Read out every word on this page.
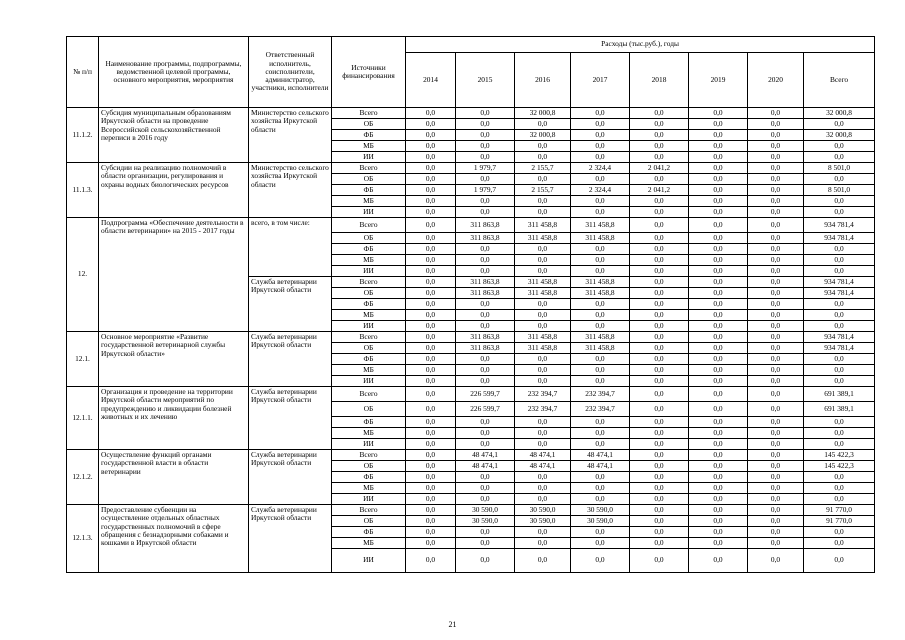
№ п/п	Наименование программы, подпрограммы, ведомственной целевой программы, основного мероприятия, мероприятия	Ответственный исполнитель, соисполнители, администратор, участники, исполнители	Источники финансирования	Расходы (тыс.руб.), годы							
				2014	2015	2016	2017	2018	2019	2020	Всего
11.1.2.	Субсидия муниципальным образованиям Иркутской области на проведение Всероссийской сельскохозяйственной переписи в 2016 году	Министерство сельского хозяйства Иркутской области	Всего	0,0	0,0	32 000,8	0,0	0,0	0,0	0,0	32 000,8
			ОБ	0,0	0,0	0,0	0,0	0,0	0,0	0,0	0,0
			ФБ	0,0	0,0	32 000,8	0,0	0,0	0,0	0,0	32 000,8
			МБ	0,0	0,0	0,0	0,0	0,0	0,0	0,0	0,0
			ИИ	0,0	0,0	0,0	0,0	0,0	0,0	0,0	0,0
11.1.3.	Субсидии на реализацию полномочий в области организации, регулирования и охраны водных биологических ресурсов	Министерство сельского хозяйства Иркутской области	Всего	0,0	1 979,7	2 155,7	2 324,4	2 041,2	0,0	0,0	8 501,0
			ОБ	0,0	0,0	0,0	0,0	0,0	0,0	0,0	0,0
			ФБ	0,0	1 979,7	2 155,7	2 324,4	2 041,2	0,0	0,0	8 501,0
			МБ	0,0	0,0	0,0	0,0	0,0	0,0	0,0	0,0
			ИИ	0,0	0,0	0,0	0,0	0,0	0,0	0,0	0,0
12.	Подпрограмма «Обеспечение деятельности в области ветеринарии» на 2015 - 2017 годы	всего, в том числе:	Всего	0,0	311 863,8	311 458,8	311 458,8	0,0	0,0	0,0	934 781,4
			ОБ	0,0	311 863,8	311 458,8	311 458,8	0,0	0,0	0,0	934 781,4
			ФБ	0,0	0,0	0,0	0,0	0,0	0,0	0,0	0,0
			МБ	0,0	0,0	0,0	0,0	0,0	0,0	0,0	0,0
			ИИ	0,0	0,0	0,0	0,0	0,0	0,0	0,0	0,0
		Служба ветеринарии Иркутской области	Всего	0,0	311 863,8	311 458,8	311 458,8	0,0	0,0	0,0	934 781,4
			ОБ	0,0	311 863,8	311 458,8	311 458,8	0,0	0,0	0,0	934 781,4
			ФБ	0,0	0,0	0,0	0,0	0,0	0,0	0,0	0,0
			МБ	0,0	0,0	0,0	0,0	0,0	0,0	0,0	0,0
			ИИ	0,0	0,0	0,0	0,0	0,0	0,0	0,0	0,0
12.1.	Основное мероприятие «Развитие государственной ветеринарной службы Иркутской области»	Служба ветеринарии Иркутской области	Всего	0,0	311 863,8	311 458,8	311 458,8	0,0	0,0	0,0	934 781,4
			ОБ	0,0	311 863,8	311 458,8	311 458,8	0,0	0,0	0,0	934 781,4
			ФБ	0,0	0,0	0,0	0,0	0,0	0,0	0,0	0,0
			МБ	0,0	0,0	0,0	0,0	0,0	0,0	0,0	0,0
			ИИ	0,0	0,0	0,0	0,0	0,0	0,0	0,0	0,0
12.1.1.	Организация и проведение на территории Иркутской области мероприятий по предупреждению и ликвидации болезней животных и их лечению	Служба ветеринарии Иркутской области	Всего	0,0	226 599,7	232 394,7	232 394,7	0,0	0,0	0,0	691 389,1
			ОБ	0,0	226 599,7	232 394,7	232 394,7	0,0	0,0	0,0	691 389,1
			ФБ	0,0	0,0	0,0	0,0	0,0	0,0	0,0	0,0
			МБ	0,0	0,0	0,0	0,0	0,0	0,0	0,0	0,0
			ИИ	0,0	0,0	0,0	0,0	0,0	0,0	0,0	0,0
12.1.2.	Осуществление функций органами государственной власти в области ветеринарии	Служба ветеринарии Иркутской области	Всего	0,0	48 474,1	48 474,1	48 474,1	0,0	0,0	0,0	145 422,3
			ОБ	0,0	48 474,1	48 474,1	48 474,1	0,0	0,0	0,0	145 422,3
			ФБ	0,0	0,0	0,0	0,0	0,0	0,0	0,0	0,0
			МБ	0,0	0,0	0,0	0,0	0,0	0,0	0,0	0,0
			ИИ	0,0	0,0	0,0	0,0	0,0	0,0	0,0	0,0
12.1.3.	Предоставление субвенции на осуществление отдельных областных государственных полномочий в сфере обращения с безнадзорными собаками и кошками в Иркутской области	Служба ветеринарии Иркутской области	Всего	0,0	30 590,0	30 590,0	30 590,0	0,0	0,0	0,0	91 770,0
			ОБ	0,0	30 590,0	30 590,0	30 590,0	0,0	0,0	0,0	91 770,0
			ФБ	0,0	0,0	0,0	0,0	0,0	0,0	0,0	0,0
			МБ	0,0	0,0	0,0	0,0	0,0	0,0	0,0	0,0
			ИИ	0,0	0,0	0,0	0,0	0,0	0,0	0,0	0,0
21
